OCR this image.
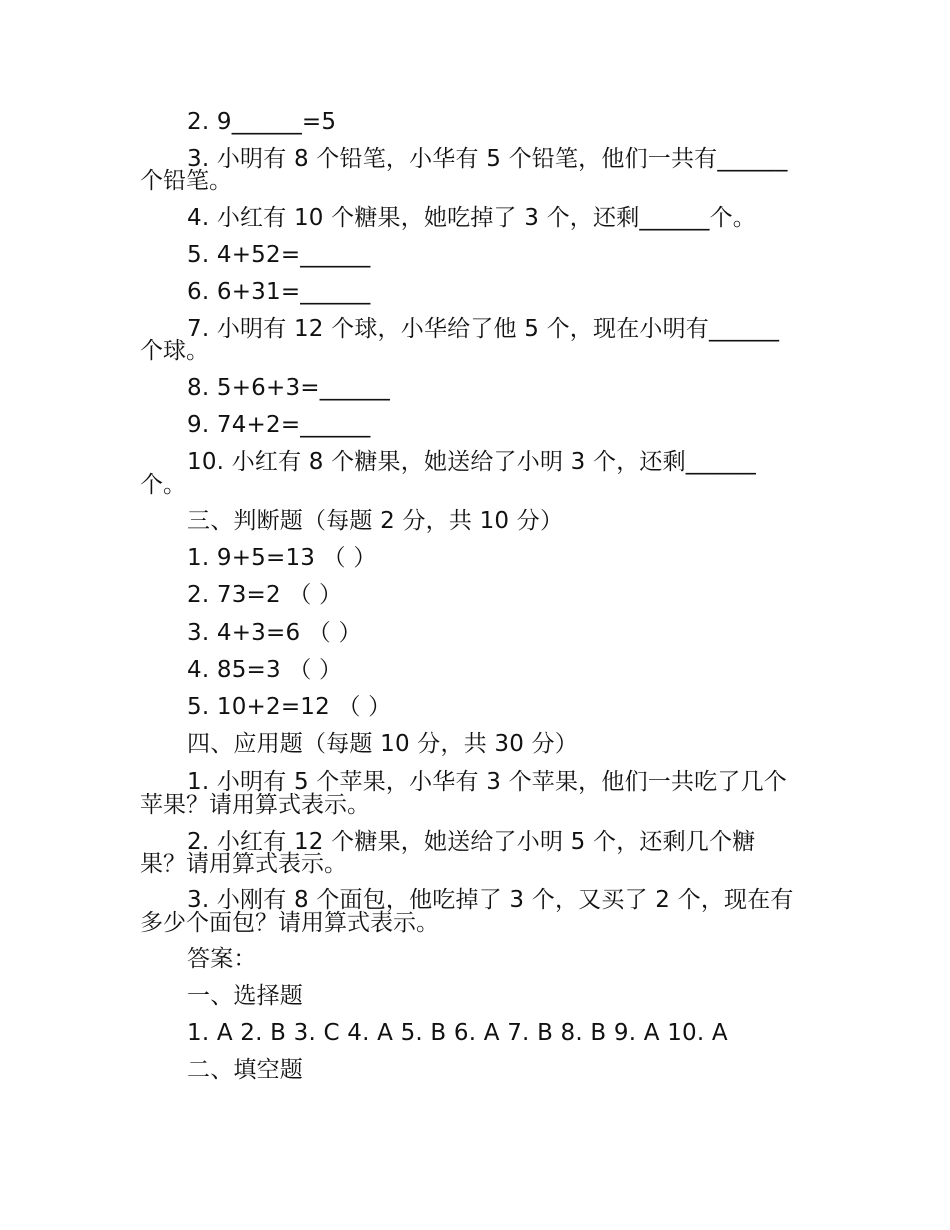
2. 9______=5
3. 小明有 8 个铅笔，小华有 5 个铅笔，他们一共有______
个铅笔。
4. 小红有 10 个糖果，她吃掉了 3 个，还剩______个。
5. 4+52=______
6. 6+31=______
7. 小明有 12 个球，小华给了他 5 个，现在小明有______
个球。
8. 5+6+3=______
9. 74+2=______
10. 小红有 8 个糖果，她送给了小明 3 个，还剩______
个。
三、判断题（每题 2 分，共 10 分）
1. 9+5=13 （ ）
2. 73=2 （ ）
3. 4+3=6 （ ）
4. 85=3 （ ）
5. 10+2=12 （ ）
四、应用题（每题 10 分，共 30 分）
1. 小明有 5 个苹果，小华有 3 个苹果，他们一共吃了几个
苹果？请用算式表示。
2. 小红有 12 个糖果，她送给了小明 5 个，还剩几个糖
果？请用算式表示。
3. 小刚有 8 个面包，他吃掉了 3 个，又买了 2 个，现在有
多少个面包？请用算式表示。
答案：
一、选择题
1. A 2. B 3. C 4. A 5. B 6. A 7. B 8. B 9. A 10. A
二、填空题
